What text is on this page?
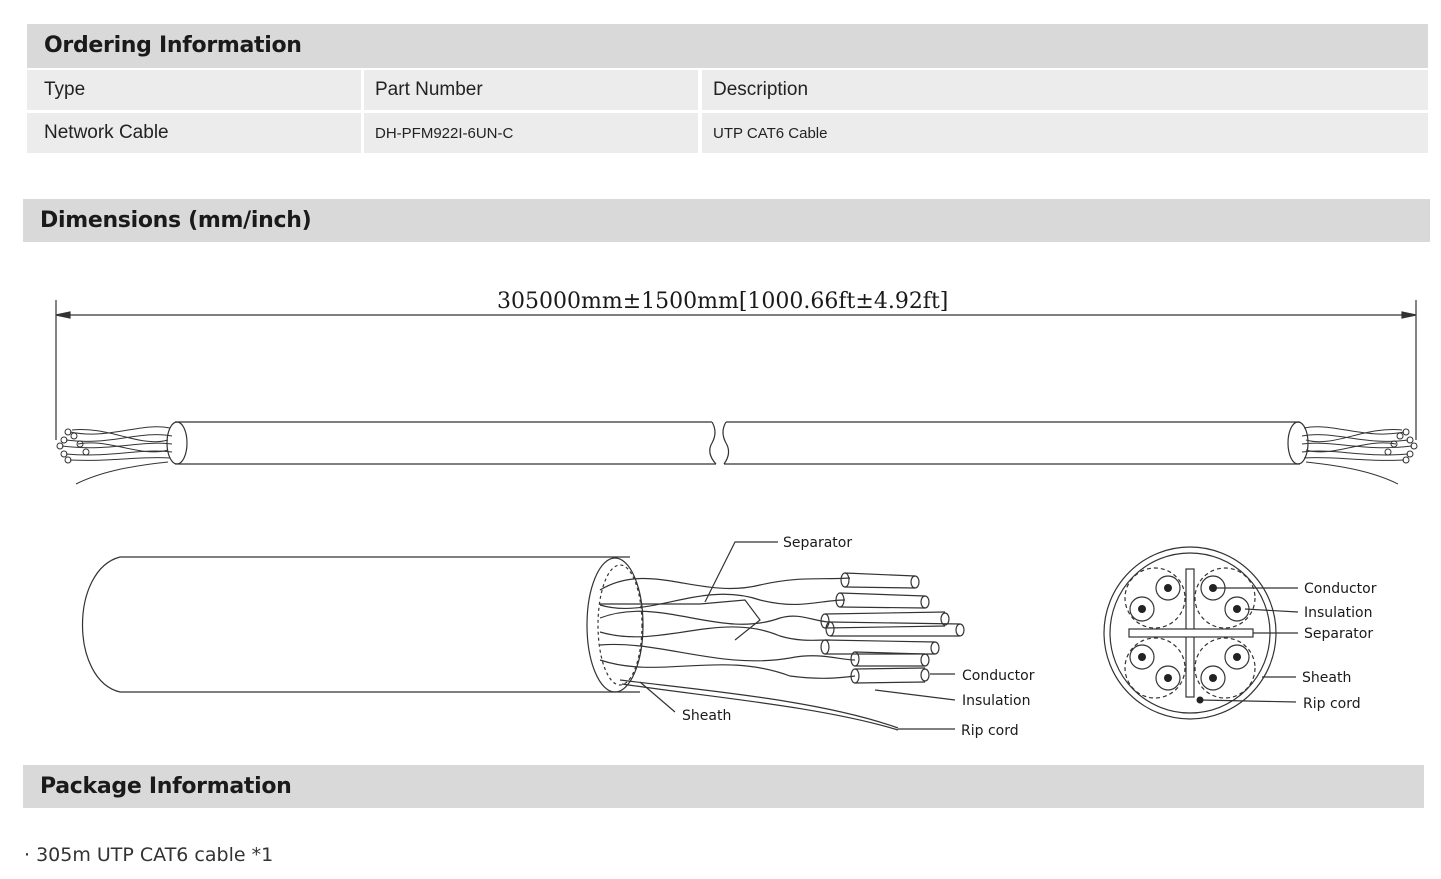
Ordering Information
Type	Part Number	Description
Network Cable	DH-PFM922I-6UN-C	UTP CAT6 Cable
Dimensions (mm/inch)
305000mm±1500mm[1000.66ft±4.92ft]
Separator
Conductor
Insulation
Rip cord
Sheath
Conductor
Insulation
Separator
Sheath
Rip cord
Package Information
· 305m UTP CAT6 cable *1
